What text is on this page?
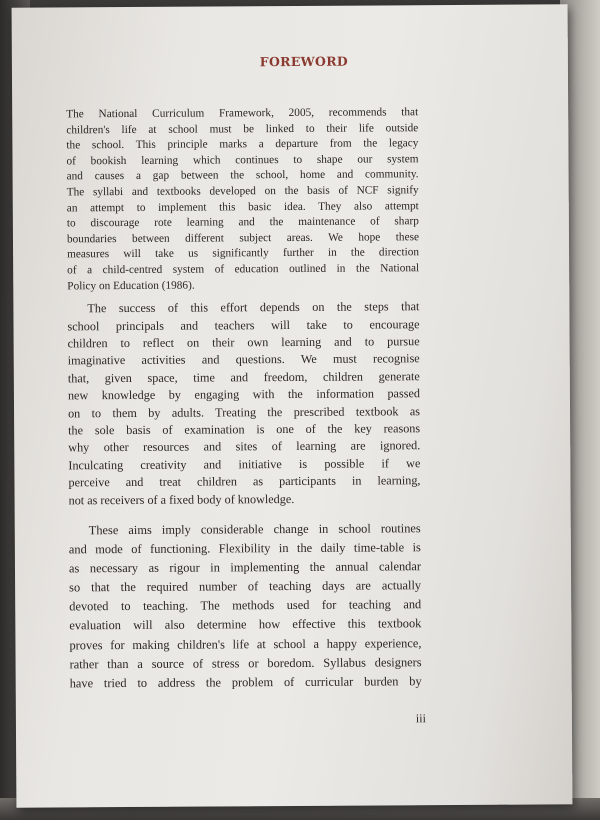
FOREWORD
The National Curriculum Framework, 2005, recommends that
children's life at school must be linked to their life outside
the school. This principle marks a departure from the legacy
of bookish learning which continues to shape our system
and causes a gap between the school, home and community.
The syllabi and textbooks developed on the basis of NCF signify
an attempt to implement this basic idea. They also attempt
to discourage rote learning and the maintenance of sharp
boundaries between different subject areas. We hope these
measures will take us significantly further in the direction
of a child-centred system of education outlined in the National
Policy on Education (1986).
The success of this effort depends on the steps that
school principals and teachers will take to encourage
children to reflect on their own learning and to pursue
imaginative activities and questions. We must recognise
that, given space, time and freedom, children generate
new knowledge by engaging with the information passed
on to them by adults. Treating the prescribed textbook as
the sole basis of examination is one of the key reasons
why other resources and sites of learning are ignored.
Inculcating creativity and initiative is possible if we
perceive and treat children as participants in learning,
not as receivers of a fixed body of knowledge.
These aims imply considerable change in school routines
and mode of functioning. Flexibility in the daily time-table is
as necessary as rigour in implementing the annual calendar
so that the required number of teaching days are actually
devoted to teaching. The methods used for teaching and
evaluation will also determine how effective this textbook
proves for making children's life at school a happy experience,
rather than a source of stress or boredom. Syllabus designers
have tried to address the problem of curricular burden by
iii
